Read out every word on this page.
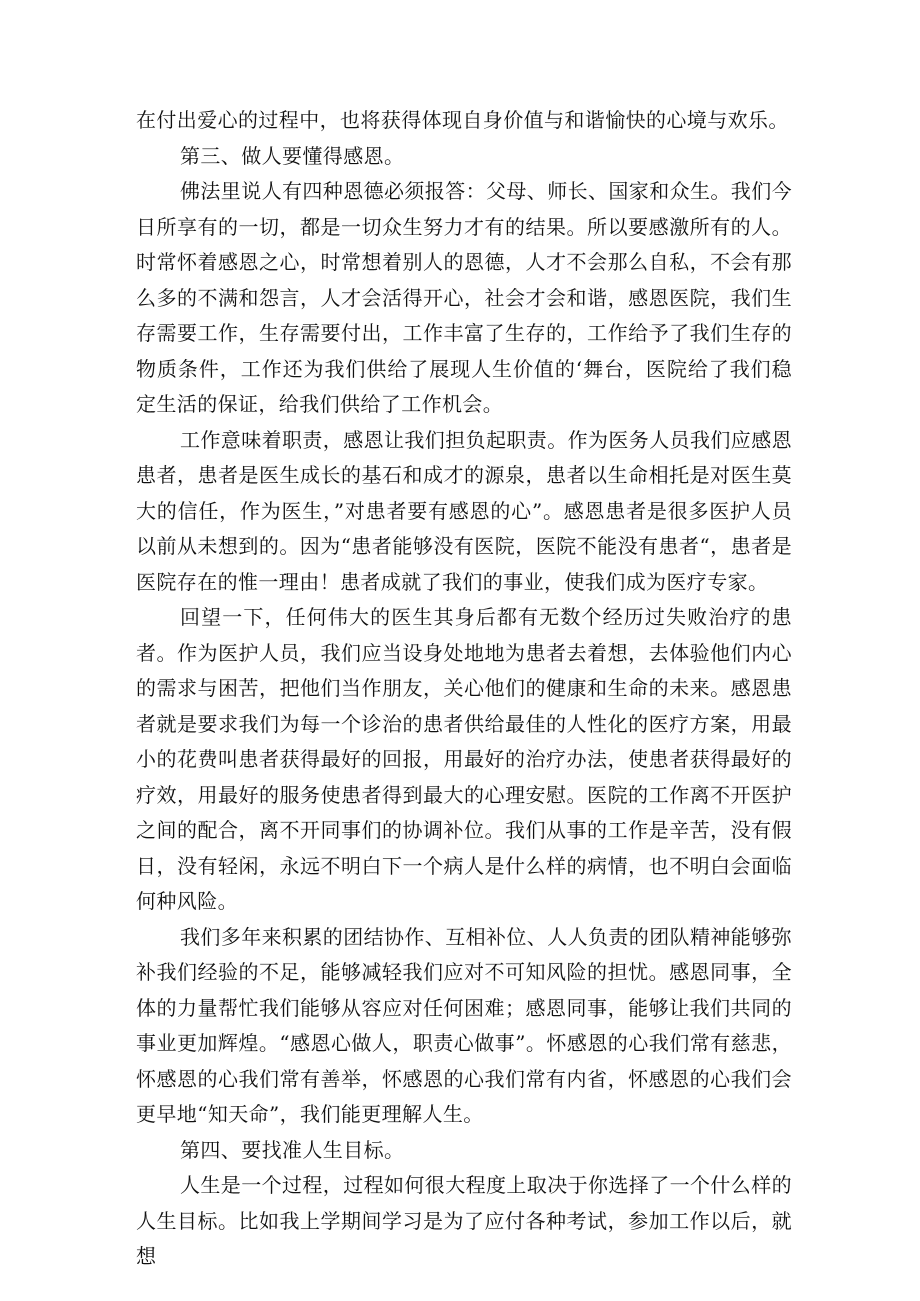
在付出爱心的过程中，也将获得体现自身价值与和谐愉快的心境与欢乐。

第三、做人要懂得感恩。

佛法里说人有四种恩德必须报答：父母、师长、国家和众生。我们今日所享有的一切，都是一切众生努力才有的结果。所以要感激所有的人。时常怀着感恩之心，时常想着别人的恩德，人才不会那么自私，不会有那么多的不满和怨言，人才会活得开心，社会才会和谐，感恩医院，我们生存需要工作，生存需要付出，工作丰富了生存的，工作给予了我们生存的物质条件，工作还为我们供给了展现人生价值的‘舞台，医院给了我们稳定生活的保证，给我们供给了工作机会。

工作意味着职责，感恩让我们担负起职责。作为医务人员我们应感恩患者，患者是医生成长的基石和成才的源泉，患者以生命相托是对医生莫大的信任，作为医生，”对患者要有感恩的心”。感恩患者是很多医护人员以前从未想到的。因为“患者能够没有医院，医院不能没有患者“，患者是医院存在的惟一理由！患者成就了我们的事业，使我们成为医疗专家。

回望一下，任何伟大的医生其身后都有无数个经历过失败治疗的患者。作为医护人员，我们应当设身处地地为患者去着想，去体验他们内心的需求与困苦，把他们当作朋友，关心他们的健康和生命的未来。感恩患者就是要求我们为每一个诊治的患者供给最佳的人性化的医疗方案，用最小的花费叫患者获得最好的回报，用最好的治疗办法，使患者获得最好的疗效，用最好的服务使患者得到最大的心理安慰。医院的工作离不开医护之间的配合，离不开同事们的协调补位。我们从事的工作是辛苦，没有假日，没有轻闲，永远不明白下一个病人是什么样的病情，也不明白会面临何种风险。

我们多年来积累的团结协作、互相补位、人人负责的团队精神能够弥补我们经验的不足，能够减轻我们应对不可知风险的担忧。感恩同事，全体的力量帮忙我们能够从容应对任何困难；感恩同事，能够让我们共同的事业更加辉煌。“感恩心做人，职责心做事”。怀感恩的心我们常有慈悲，怀感恩的心我们常有善举，怀感恩的心我们常有内省，怀感恩的心我们会更早地“知天命”，我们能更理解人生。

第四、要找准人生目标。

人生是一个过程，过程如何很大程度上取决于你选择了一个什么样的人生目标。比如我上学期间学习是为了应付各种考试，参加工作以后，就想
